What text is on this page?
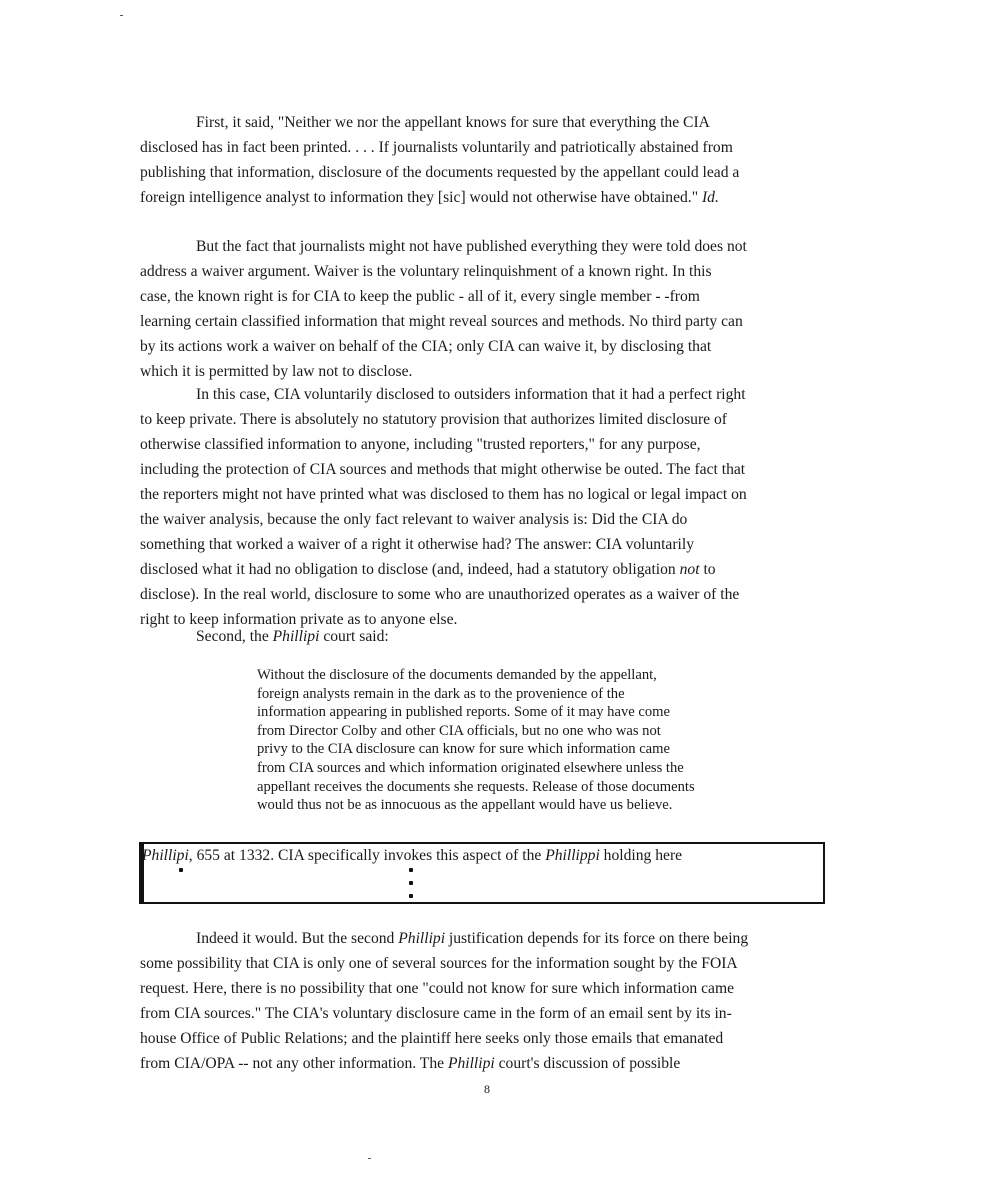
First, it said, "Neither we nor the appellant knows for sure that everything the CIA
disclosed has in fact been printed. . . . If journalists voluntarily and patriotically abstained from
publishing that information, disclosure of the documents requested by the appellant could lead a
foreign intelligence analyst to information they [sic] would not otherwise have obtained." Id.
But the fact that journalists might not have published everything they were told does not
address a waiver argument. Waiver is the voluntary relinquishment of a known right. In this
case, the known right is for CIA to keep the public - all of it, every single member - -from
learning certain classified information that might reveal sources and methods. No third party can
by its actions work a waiver on behalf of the CIA; only CIA can waive it, by disclosing that
which it is permitted by law not to disclose.
In this case, CIA voluntarily disclosed to outsiders information that it had a perfect right
to keep private. There is absolutely no statutory provision that authorizes limited disclosure of
otherwise classified information to anyone, including "trusted reporters," for any purpose,
including the protection of CIA sources and methods that might otherwise be outed. The fact that
the reporters might not have printed what was disclosed to them has no logical or legal impact on
the waiver analysis, because the only fact relevant to waiver analysis is: Did the CIA do
something that worked a waiver of a right it otherwise had? The answer: CIA voluntarily
disclosed what it had no obligation to disclose (and, indeed, had a statutory obligation not to
disclose). In the real world, disclosure to some who are unauthorized operates as a waiver of the
right to keep information private as to anyone else.
Second, the Phillipi court said:
Without the disclosure of the documents demanded by the appellant,
foreign analysts remain in the dark as to the provenience of the
information appearing in published reports. Some of it may have come
from Director Colby and other CIA officials, but no one who was not
privy to the CIA disclosure can know for sure which information came
from CIA sources and which information originated elsewhere unless the
appellant receives the documents she requests. Release of those documents
would thus not be as innocuous as the appellant would have us believe.
Phillipi, 655 at 1332. CIA specifically invokes this aspect of the Phillippi holding here
Indeed it would. But the second Phillipi justification depends for its force on there being
some possibility that CIA is only one of several sources for the information sought by the FOIA
request. Here, there is no possibility that one "could not know for sure which information came
from CIA sources." The CIA's voluntary disclosure came in the form of an email sent by its in-
house Office of Public Relations; and the plaintiff here seeks only those emails that emanated
from CIA/OPA -- not any other information. The Phillipi court's discussion of possible
8
